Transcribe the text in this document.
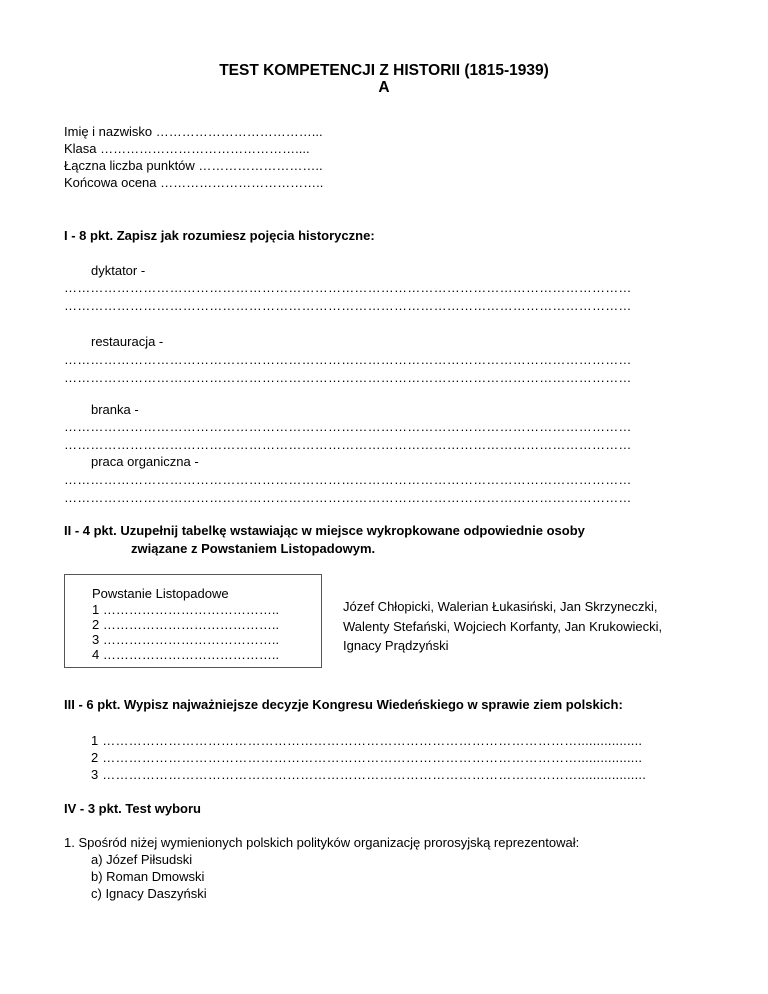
TEST KOMPETENCJI Z HISTORII (1815-1939)
A
Imię i nazwisko ………………………………...
Klasa ………………………………………....
Łączna liczba punktów ………………………..
Końcowa ocena ………………………………..
I - 8 pkt. Zapisz jak rozumiesz pojęcia historyczne:
dyktator -
…………………………………………………………………………………………………………………
…………………………………………………………………………………………………………………
restauracja -
…………………………………………………………………………………………………………………
…………………………………………………………………………………………………………………
branka -
…………………………………………………………………………………………………………………
…………………………………………………………………………………………………………………
praca organiczna -
…………………………………………………………………………………………………………………
…………………………………………………………………………………………………………………
II - 4 pkt. Uzupełnij tabelkę wstawiając w miejsce wykropkowane odpowiednie osoby
związane z Powstaniem Listopadowym.
Powstanie Listopadowe
1 …………………………………..
2 …………………………………..
3 …………………………………..
4 …………………………………..
Józef Chłopicki, Walerian Łukasiński, Jan Skrzyneczki,
Walenty Stefański, Wojciech Korfanty, Jan Krukowiecki,
Ignacy Prądzyński
III - 6 pkt. Wypisz najważniejsze decyzje Kongresu Wiedeńskiego w sprawie ziem polskich:
1 ……………………………………………………………………………………………….................
2 ……………………………………………………………………………………………….................
3 ………………………………………………………………………………………………..................
IV - 3 pkt. Test wyboru
1. Spośród niżej wymienionych polskich polityków organizację prorosyjską reprezentował:
a) Józef Piłsudski
b) Roman Dmowski
c) Ignacy Daszyński
